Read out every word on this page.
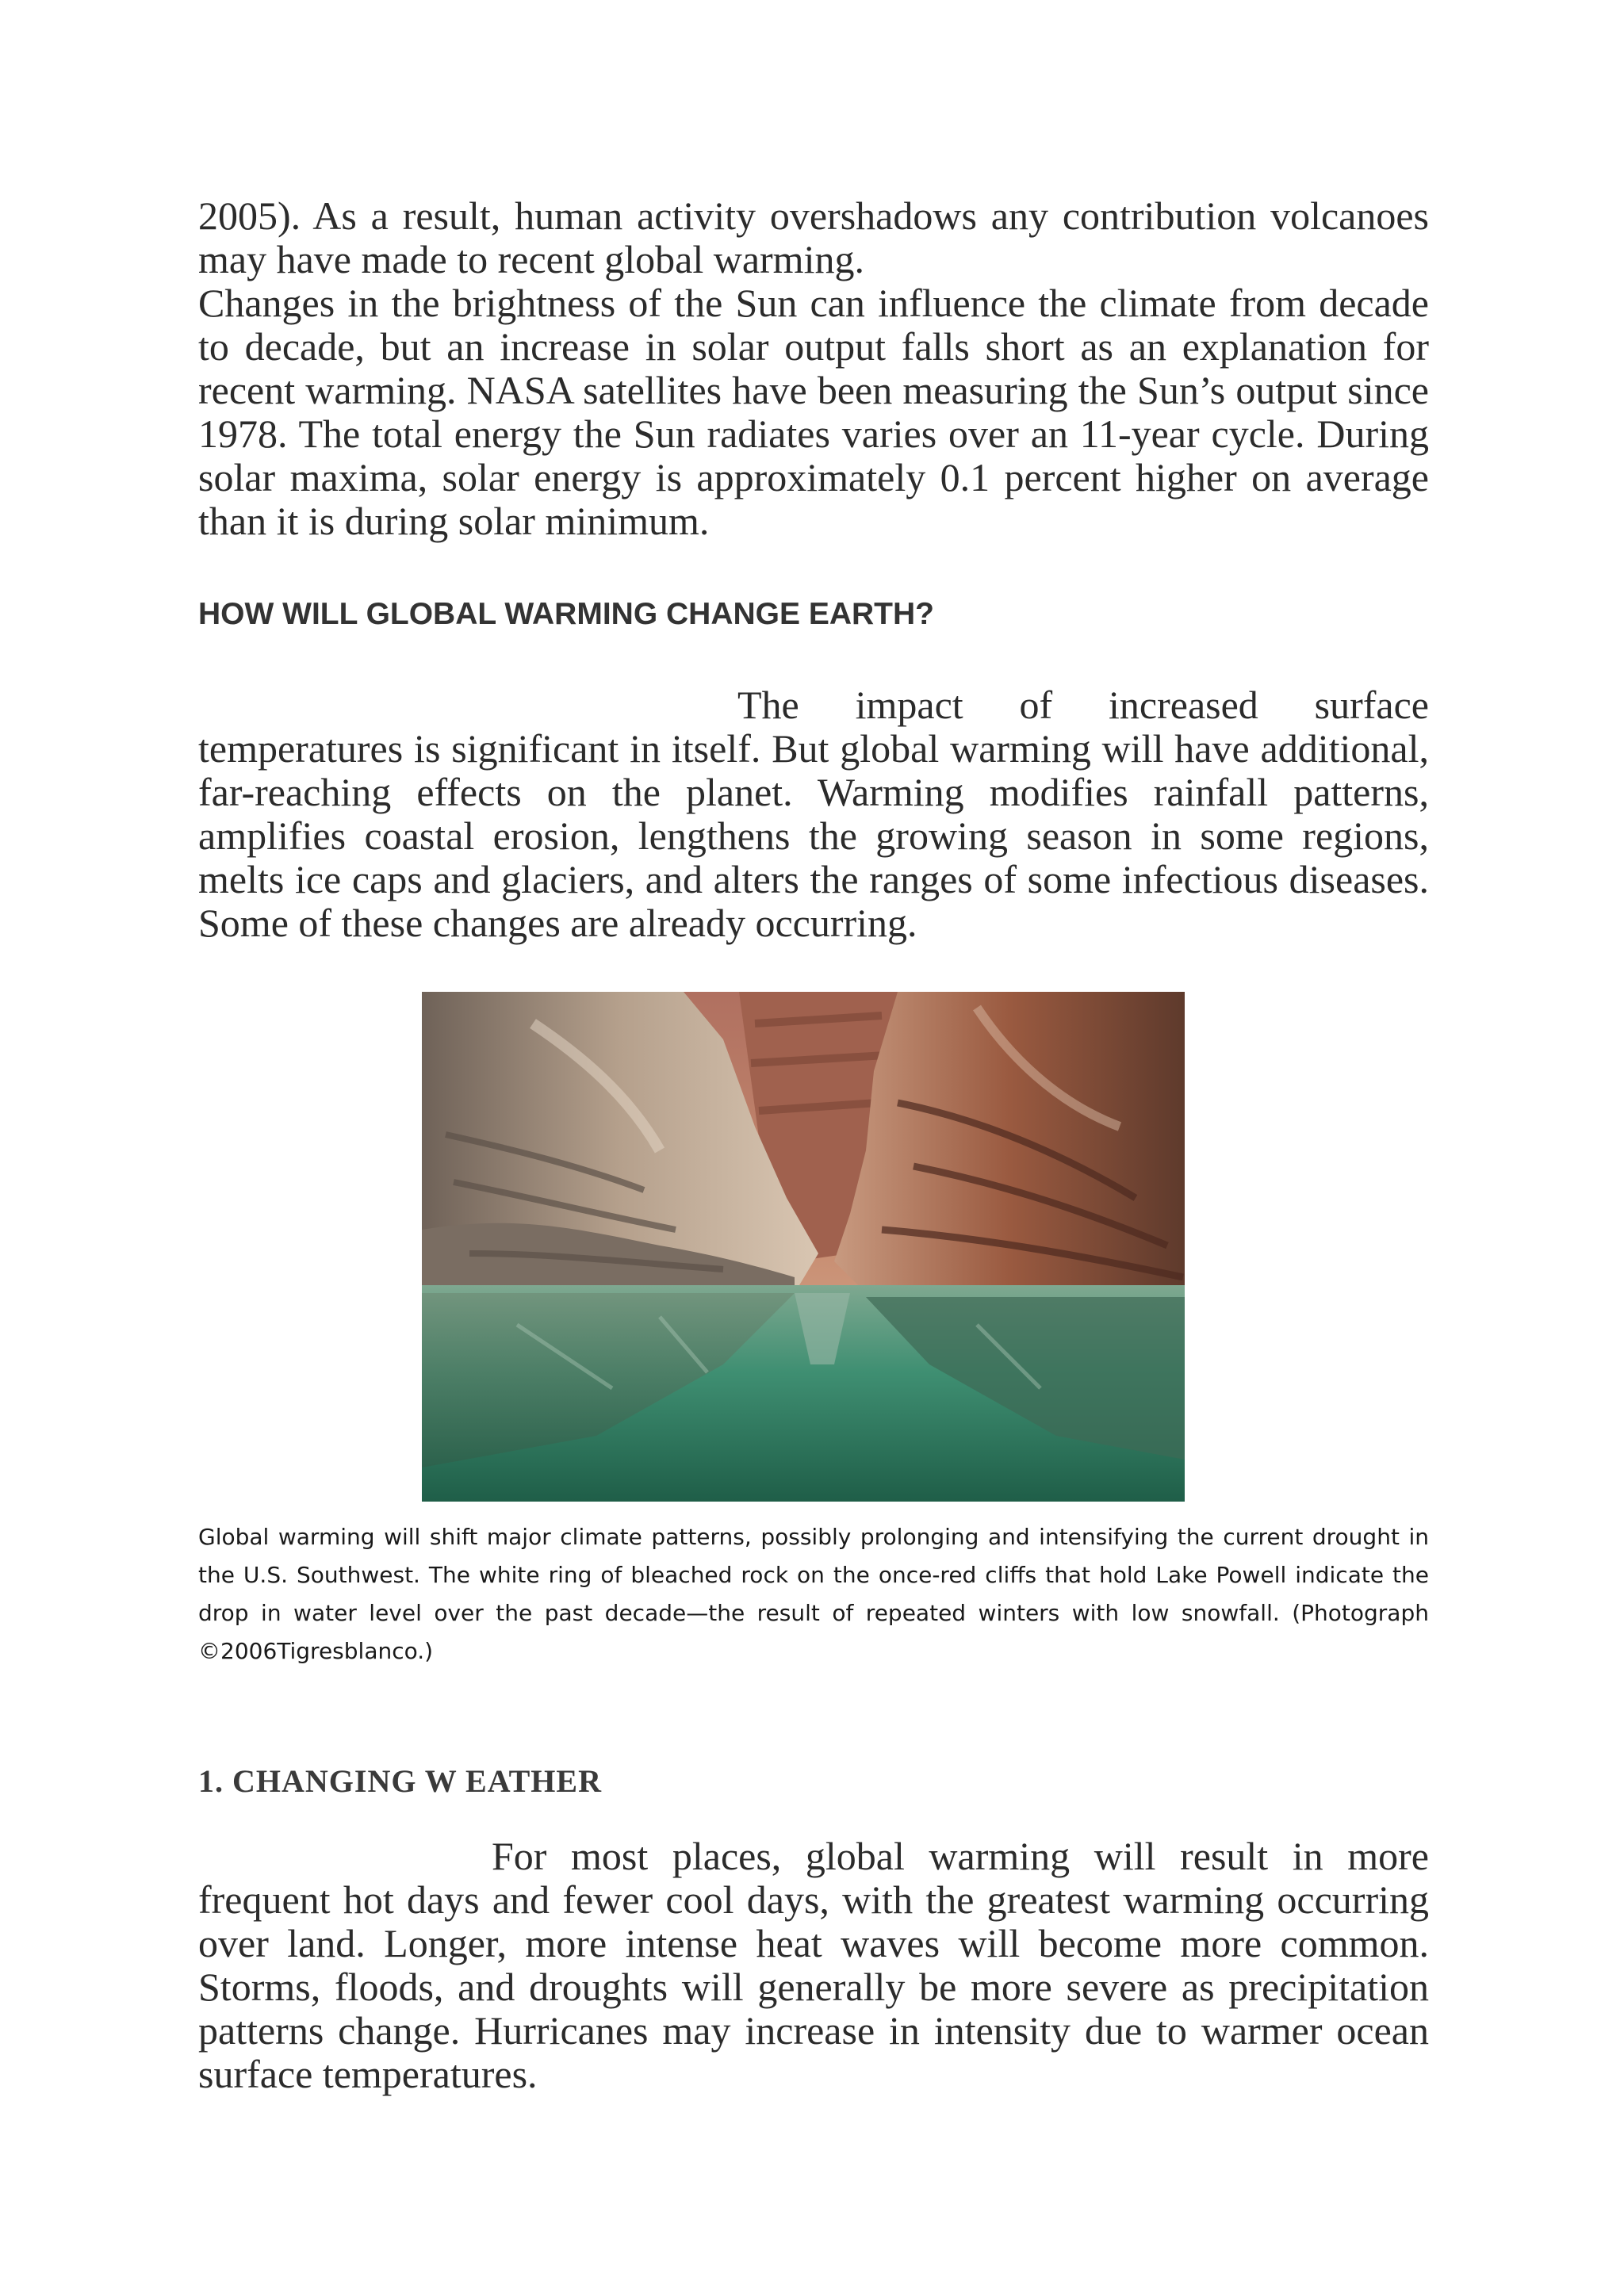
2005). As a result, human activity overshadows any contribution volcanoes may have made to recent global warming.

Changes in the brightness of the Sun can influence the climate from decade to decade, but an increase in solar output falls short as an explanation for recent warming. NASA satellites have been measuring the Sun’s output since 1978. The total energy the Sun radiates varies over an 11-year cycle. During solar maxima, solar energy is approximately 0.1 percent higher on average than it is during solar minimum.

HOW WILL GLOBAL WARMING CHANGE EARTH?

The impact of increased surface temperatures is significant in itself. But global warming will have additional, far-reaching effects on the planet. Warming modifies rainfall patterns, amplifies coastal erosion, lengthens the growing season in some regions, melts ice caps and glaciers, and alters the ranges of some infectious diseases. Some of these changes are already occurring.

Global warming will shift major climate patterns, possibly prolonging and intensifying the current drought in the U.S. Southwest. The white ring of bleached rock on the once-red cliffs that hold Lake Powell indicate the drop in water level over the past decade—the result of repeated winters with low snowfall. (Photograph ©2006Tigresblanco.)

1. CHANGING W EATHER

For most places, global warming will result in more frequent hot days and fewer cool days, with the greatest warming occurring over land. Longer, more intense heat waves will become more common. Storms, floods, and droughts will generally be more severe as precipitation patterns change. Hurricanes may increase in intensity due to warmer ocean surface temperatures.
